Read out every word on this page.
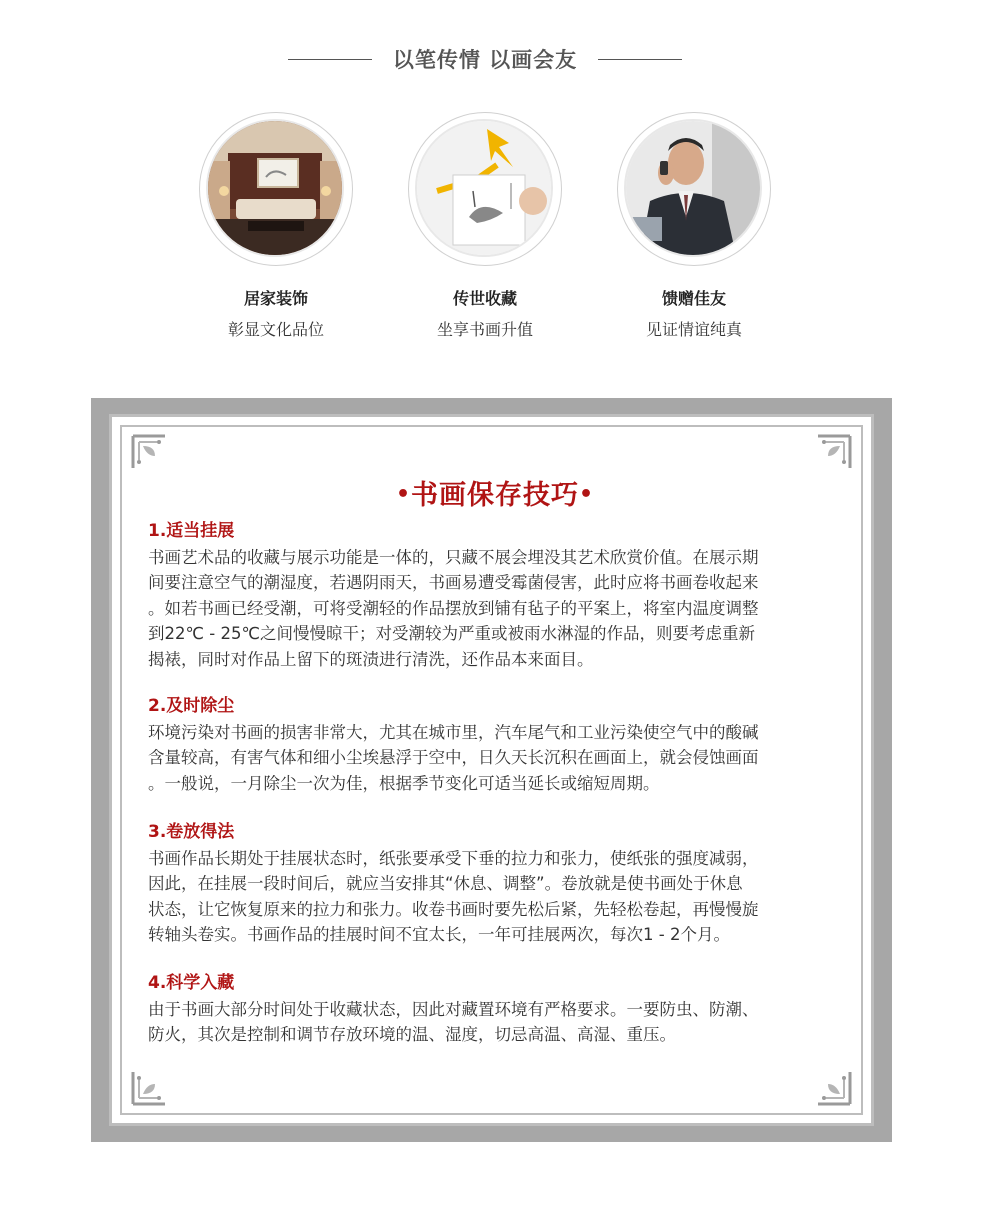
以笔传情 以画会友
居家装饰
彰显文化品位
传世收藏
坐享书画升值
馈赠佳友
见证情谊纯真
•书画保存技巧•
1.适当挂展
书画艺术品的收藏与展示功能是一体的，只藏不展会埋没其艺术欣赏价值。在展示期
间要注意空气的潮湿度，若遇阴雨天，书画易遭受霉菌侵害，此时应将书画卷收起来
。如若书画已经受潮，可将受潮轻的作品摆放到铺有毡子的平案上，将室内温度调整
到22℃ - 25℃之间慢慢晾干；对受潮较为严重或被雨水淋湿的作品，则要考虑重新
揭裱，同时对作品上留下的斑渍进行清洗，还作品本来面目。
2.及时除尘
环境污染对书画的损害非常大，尤其在城市里，汽车尾气和工业污染使空气中的酸碱
含量较高，有害气体和细小尘埃悬浮于空中，日久天长沉积在画面上，就会侵蚀画面
。一般说，一月除尘一次为佳，根据季节变化可适当延长或缩短周期。
3.卷放得法
书画作品长期处于挂展状态时，纸张要承受下垂的拉力和张力，使纸张的强度减弱，
因此，在挂展一段时间后，就应当安排其“休息、调整”。卷放就是使书画处于休息
状态，让它恢复原来的拉力和张力。收卷书画时要先松后紧，先轻松卷起，再慢慢旋
转轴头卷实。书画作品的挂展时间不宜太长，一年可挂展两次，每次1 - 2个月。
4.科学入藏
由于书画大部分时间处于收藏状态，因此对藏置环境有严格要求。一要防虫、防潮、
防火，其次是控制和调节存放环境的温、湿度，切忌高温、高湿、重压。
